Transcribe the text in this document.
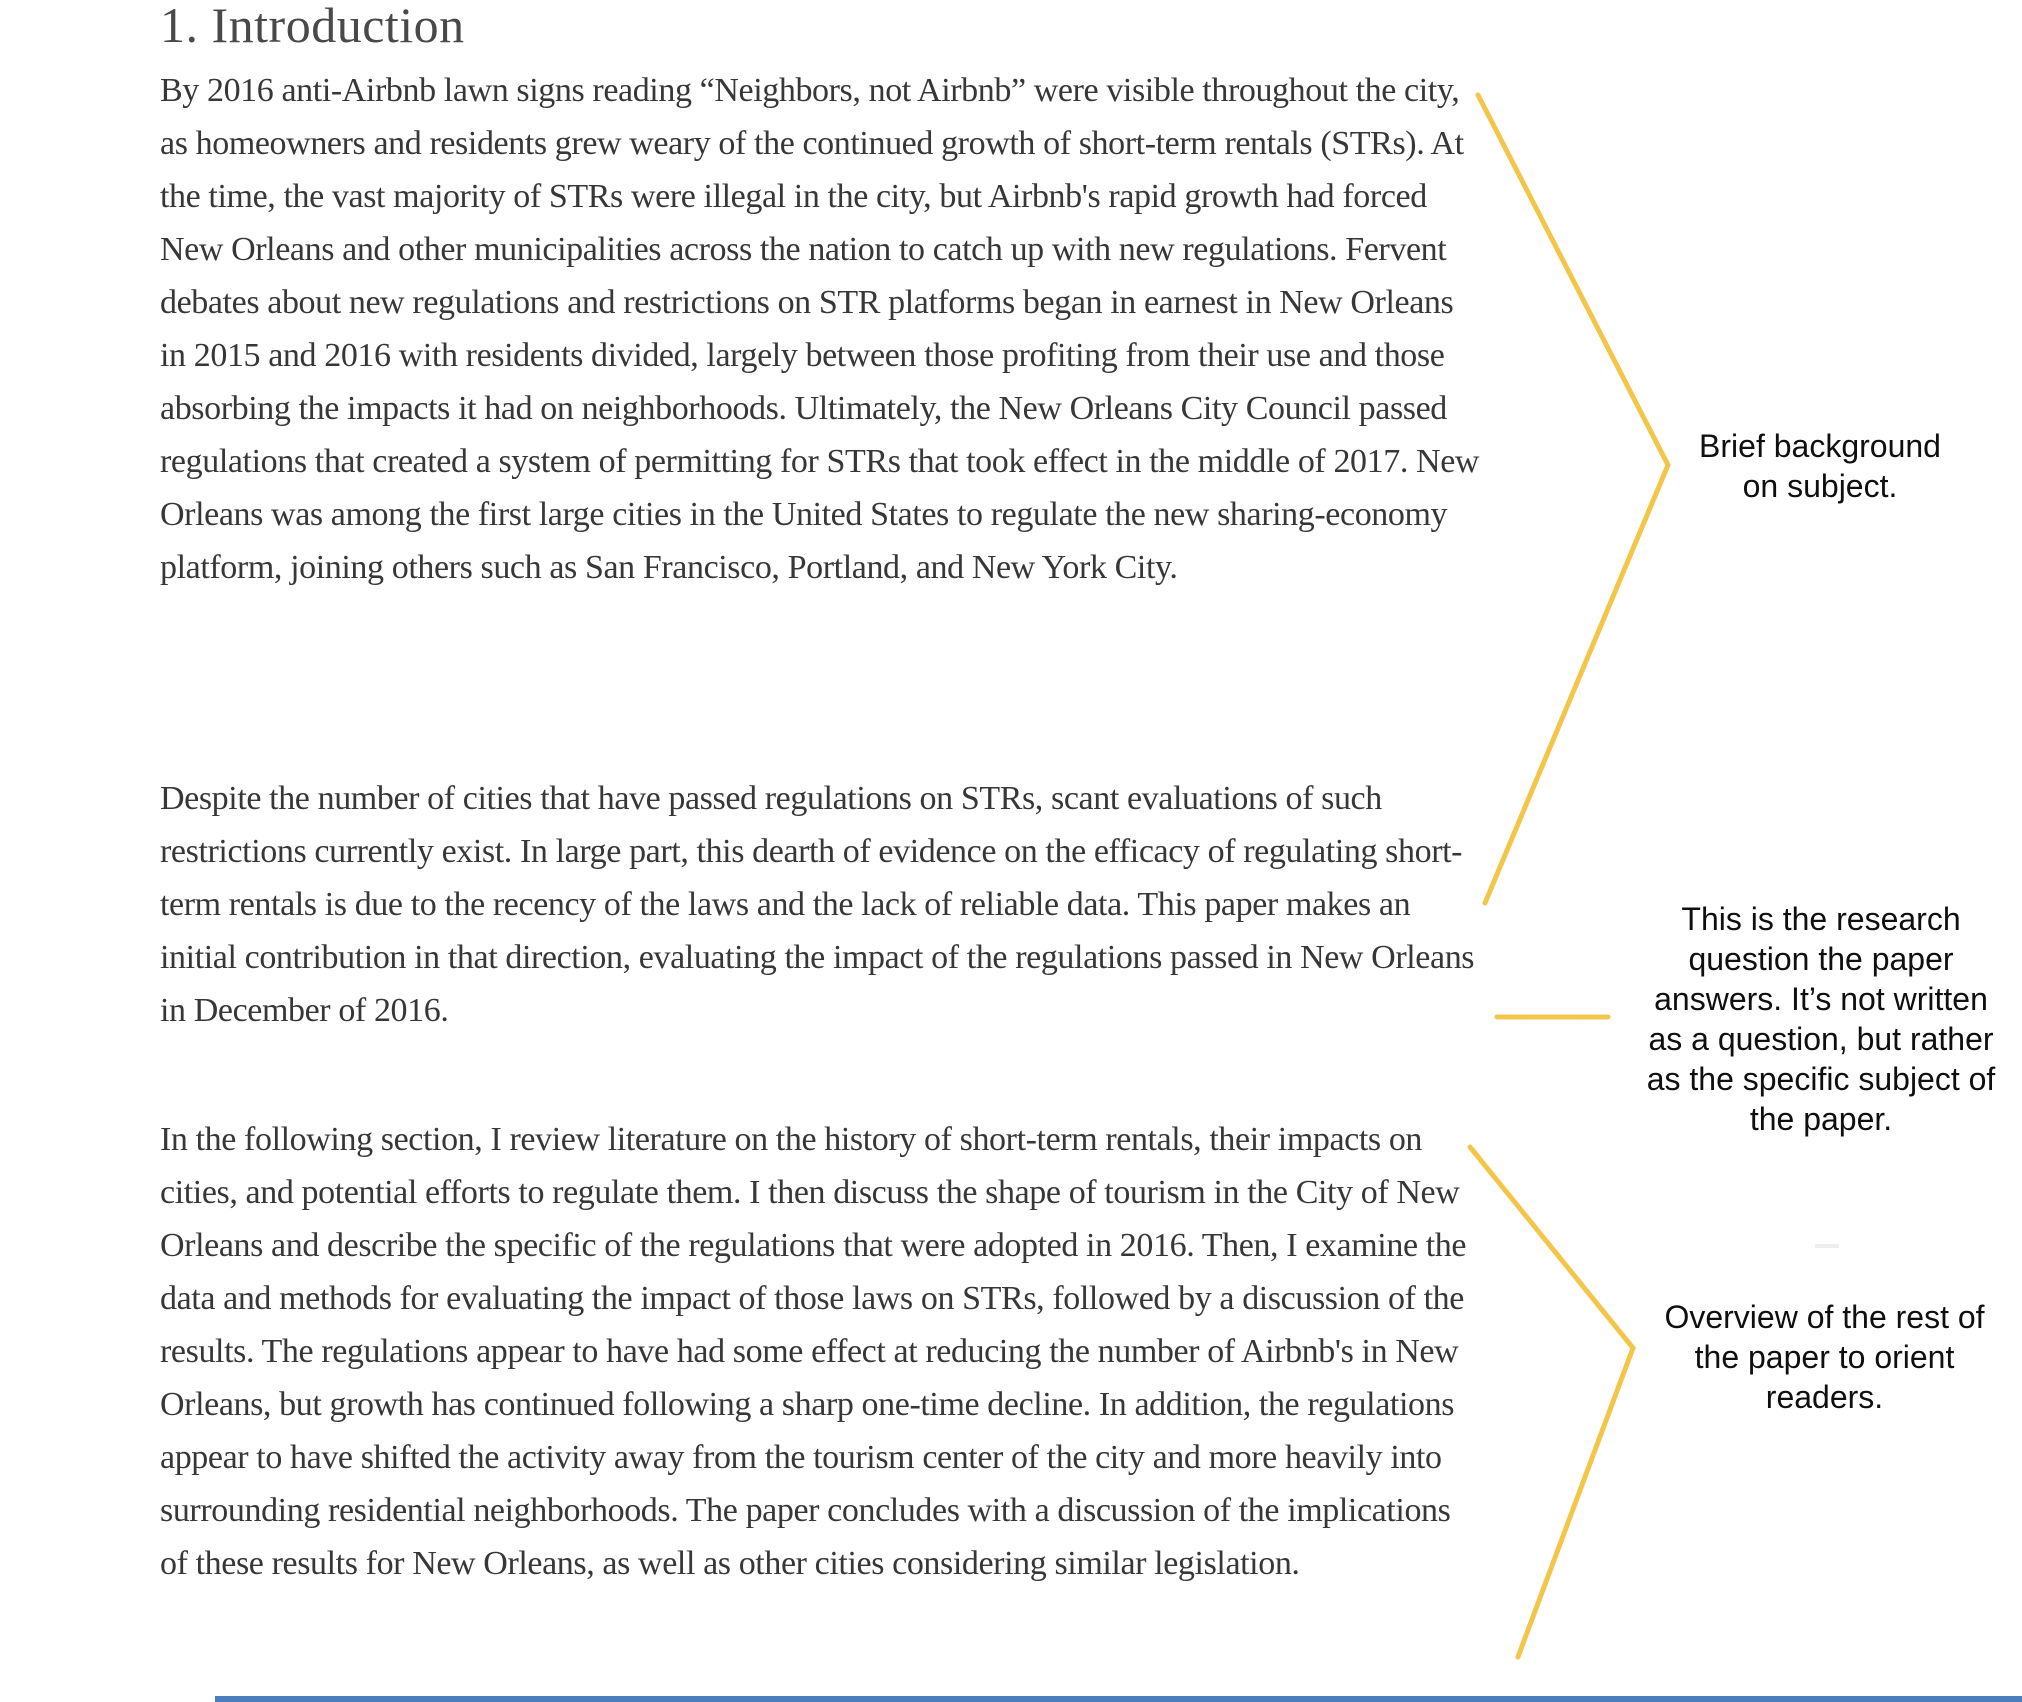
1. Introduction

By 2016 anti-Airbnb lawn signs reading “Neighbors, not Airbnb” were visible throughout the city, as homeowners and residents grew weary of the continued growth of short-term rentals (STRs). At the time, the vast majority of STRs were illegal in the city, but Airbnb's rapid growth had forced New Orleans and other municipalities across the nation to catch up with new regulations. Fervent debates about new regulations and restrictions on STR platforms began in earnest in New Orleans in 2015 and 2016 with residents divided, largely between those profiting from their use and those absorbing the impacts it had on neighborhoods. Ultimately, the New Orleans City Council passed regulations that created a system of permitting for STRs that took effect in the middle of 2017. New Orleans was among the first large cities in the United States to regulate the new sharing-economy platform, joining others such as San Francisco, Portland, and New York City.

Despite the number of cities that have passed regulations on STRs, scant evaluations of such restrictions currently exist. In large part, this dearth of evidence on the efficacy of regulating short-term rentals is due to the recency of the laws and the lack of reliable data. This paper makes an initial contribution in that direction, evaluating the impact of the regulations passed in New Orleans in December of 2016.

In the following section, I review literature on the history of short-term rentals, their impacts on cities, and potential efforts to regulate them. I then discuss the shape of tourism in the City of New Orleans and describe the specific of the regulations that were adopted in 2016. Then, I examine the data and methods for evaluating the impact of those laws on STRs, followed by a discussion of the results. The regulations appear to have had some effect at reducing the number of Airbnb's in New Orleans, but growth has continued following a sharp one-time decline. In addition, the regulations appear to have shifted the activity away from the tourism center of the city and more heavily into surrounding residential neighborhoods. The paper concludes with a discussion of the implications of these results for New Orleans, as well as other cities considering similar legislation.

Brief background on subject.
This is the research question the paper answers. It’s not written as a question, but rather as the specific subject of the paper.
Overview of the rest of the paper to orient readers.
